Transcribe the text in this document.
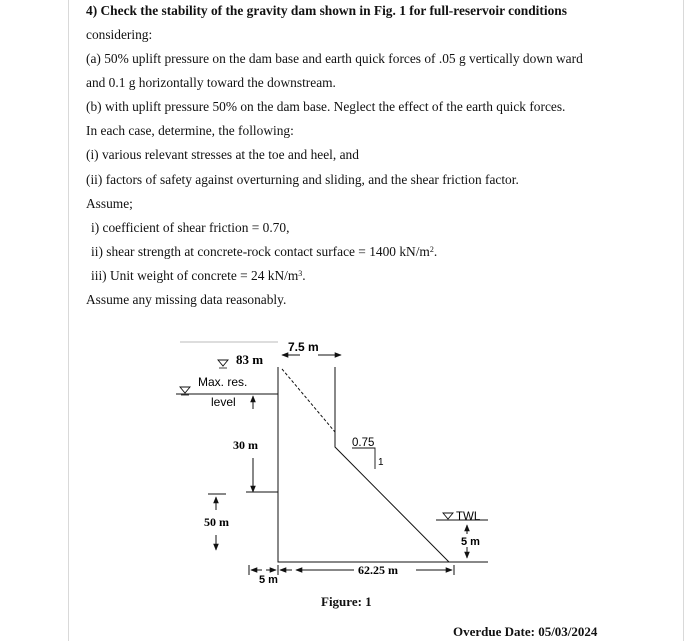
4) Check the stability of the gravity dam shown in Fig. 1 for full-reservoir conditions
considering:
(a) 50% uplift pressure on the dam base and earth quick forces of .05 g vertically down ward
and 0.1 g horizontally toward the downstream.
(b) with uplift pressure 50% on the dam base. Neglect the effect of the earth quick forces.
In each case, determine, the following:
(i) various relevant stresses at the toe and heel, and
(ii) factors of safety against overturning and sliding, and the shear friction factor.
Assume;
i) coefficient of shear friction = 0.70,
ii) shear strength at concrete-rock contact surface = 1400 $kN/m^2$.
iii) Unit weight of concrete = 24 $kN/m^3$.
Assume any missing data reasonably.
83 m
Max. res.
level
30 m
50 m
7.5 m
0.75
1
TWL
5 m
5 m
62.25 m
Figure: 1
Overdue Date: 05/03/2024
